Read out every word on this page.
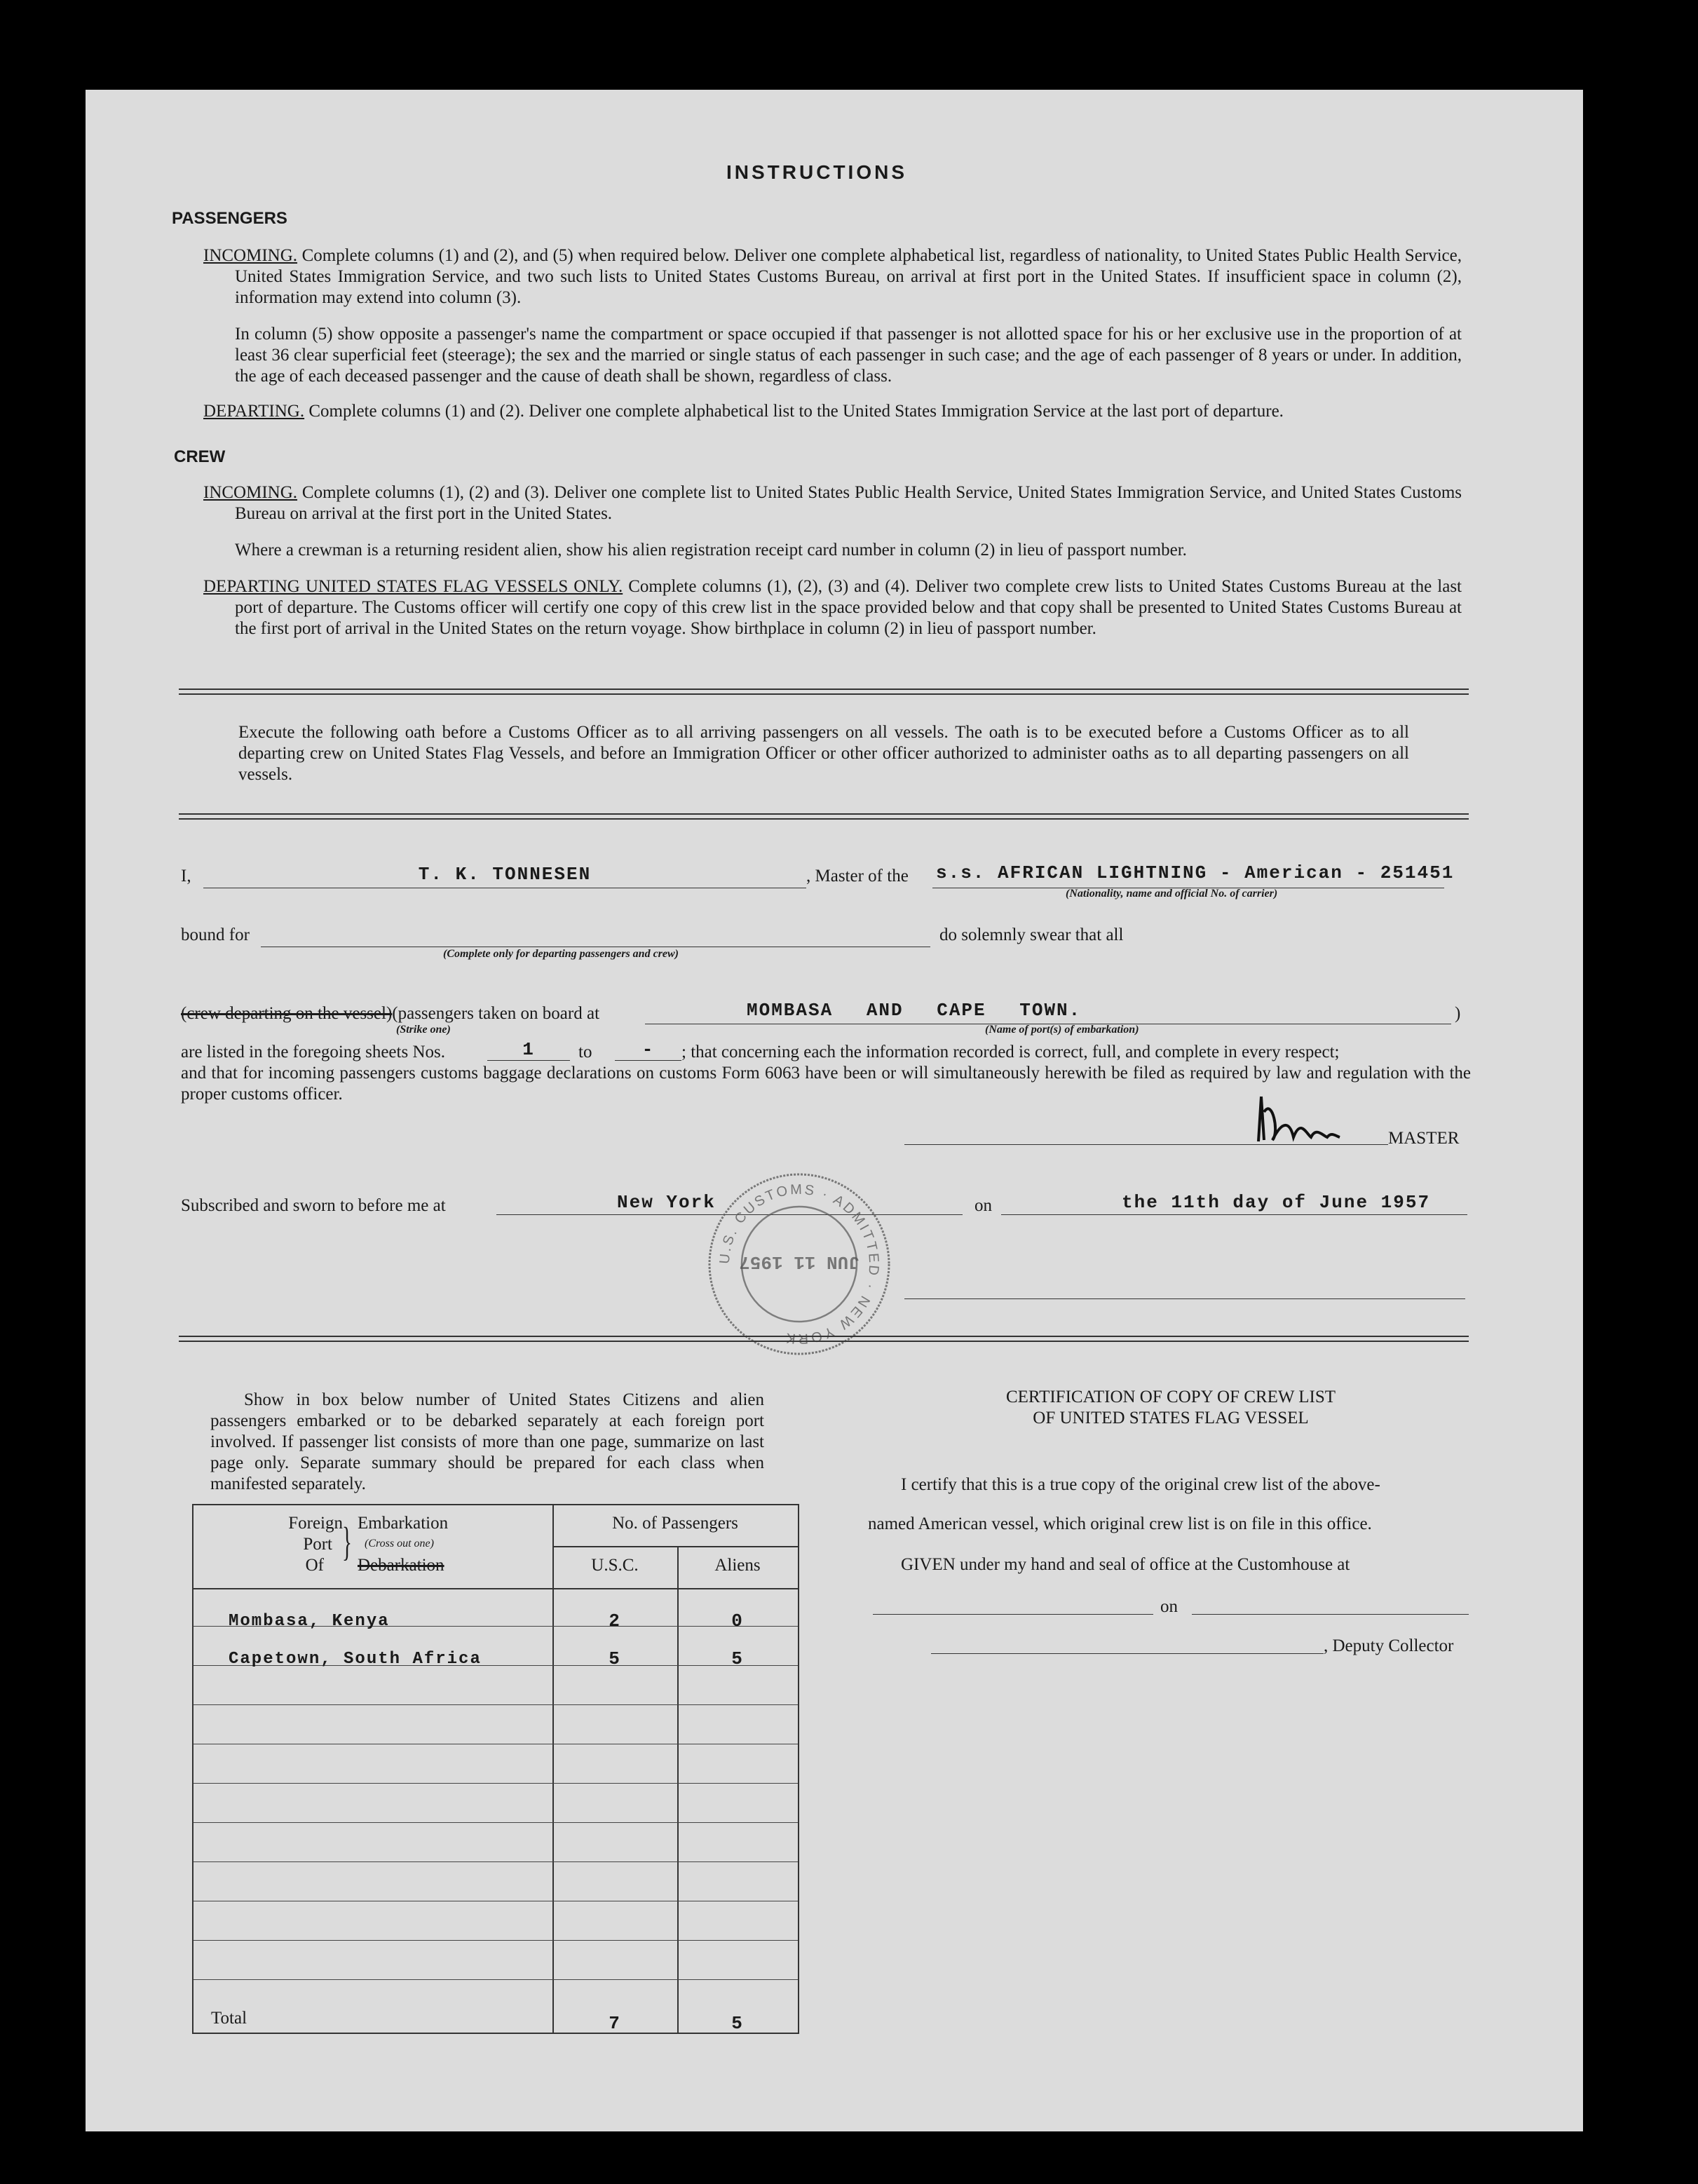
INSTRUCTIONS
PASSENGERS
INCOMING. Complete columns (1) and (2), and (5) when required below. Deliver one complete alphabetical list, regardless of nationality, to United States Public Health Service, United States Immigration Service, and two such lists to United States Customs Bureau, on arrival at first port in the United States. If insufficient space in column (2), information may extend into column (3).
In column (5) show opposite a passenger's name the compartment or space occupied if that passenger is not allotted space for his or her exclusive use in the proportion of at least 36 clear superficial feet (steerage); the sex and the married or single status of each passenger in such case; and the age of each passenger of 8 years or under. In addition, the age of each deceased passenger and the cause of death shall be shown, regardless of class.
DEPARTING. Complete columns (1) and (2). Deliver one complete alphabetical list to the United States Immigration Service at the last port of departure.
CREW
INCOMING. Complete columns (1), (2) and (3). Deliver one complete list to United States Public Health Service, United States Immigration Service, and United States Customs Bureau on arrival at the first port in the United States.
Where a crewman is a returning resident alien, show his alien registration receipt card number in column (2) in lieu of passport number.
DEPARTING UNITED STATES FLAG VESSELS ONLY. Complete columns (1), (2), (3) and (4). Deliver two complete crew lists to United States Customs Bureau at the last port of departure. The Customs officer will certify one copy of this crew list in the space provided below and that copy shall be presented to United States Customs Bureau at the first port of arrival in the United States on the return voyage. Show birthplace in column (2) in lieu of passport number.
Execute the following oath before a Customs Officer as to all arriving passengers on all vessels. The oath is to be executed before a Customs Officer as to all departing crew on United States Flag Vessels, and before an Immigration Officer or other officer authorized to administer oaths as to all departing passengers on all vessels.
I,	T. K. TONNESEN	, Master of the s.s. AFRICAN LIGHTNING - American - 251451
(Nationality, name and official No. of carrier)
bound for
(Complete only for departing passengers and crew)
do solemnly swear that all
(crew departing on the vessel)(passengers taken on board at
(Strike one)
MOMBASA AND CAPE TOWN.
(Name of port(s) of embarkation)
)
are listed in the foregoing sheets Nos.	1	to	-	; that concerning each the information recorded is correct, full, and complete in every respect;
and that for incoming passengers customs baggage declarations on customs Form 6063 have been or will simultaneously herewith be filed as required by law and regulation with the proper customs officer.
MASTER
Subscribed and sworn to before me at	New York	on	the 11th day of June 1957
U.S. CUSTOMS · ADMITTED · NEW YORK
JUN 11 1957
Show in box below number of United States Citizens and alien passengers embarked or to be debarked separately at each foreign port involved. If passenger list consists of more than one page, summarize on last page only. Separate summary should be prepared for each class when manifested separately.
Foreign
Port
Of
} Embarkation
(Cross out one)
Debarkation
No. of Passengers
U.S.C.	Aliens
Mombasa, Kenya	2	0
Capetown, South Africa	5	5
Total	7	5
CERTIFICATION OF COPY OF CREW LIST
OF UNITED STATES FLAG VESSEL
I certify that this is a true copy of the original crew list of the above-
named American vessel, which original crew list is on file in this office.
GIVEN under my hand and seal of office at the Customhouse at
on
, Deputy Collector
